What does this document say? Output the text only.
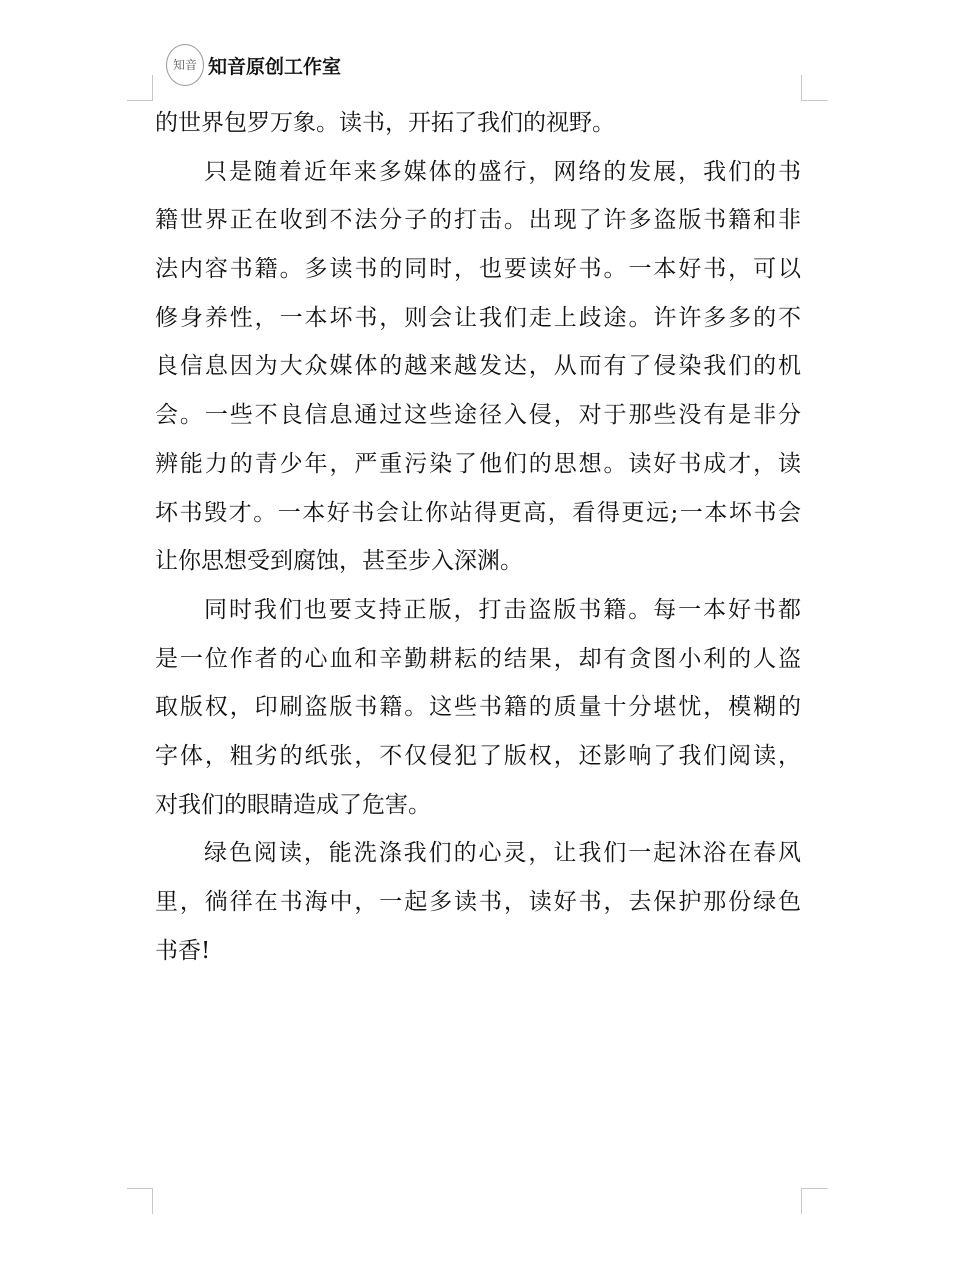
知音 知音原创工作室
的世界包罗万象。读书，开拓了我们的视野。
只是随着近年来多媒体的盛行，网络的发展，我们的书
籍世界正在收到不法分子的打击。出现了许多盗版书籍和非
法内容书籍。多读书的同时，也要读好书。一本好书，可以
修身养性，一本坏书，则会让我们走上歧途。许许多多的不
良信息因为大众媒体的越来越发达，从而有了侵染我们的机
会。一些不良信息通过这些途径入侵，对于那些没有是非分
辨能力的青少年，严重污染了他们的思想。读好书成才，读
坏书毁才。一本好书会让你站得更高，看得更远;一本坏书会
让你思想受到腐蚀，甚至步入深渊。
同时我们也要支持正版，打击盗版书籍。每一本好书都
是一位作者的心血和辛勤耕耘的结果，却有贪图小利的人盗
取版权，印刷盗版书籍。这些书籍的质量十分堪忧，模糊的
字体，粗劣的纸张，不仅侵犯了版权，还影响了我们阅读，
对我们的眼睛造成了危害。
绿色阅读，能洗涤我们的心灵，让我们一起沐浴在春风
里，徜徉在书海中，一起多读书，读好书，去保护那份绿色
书香!
